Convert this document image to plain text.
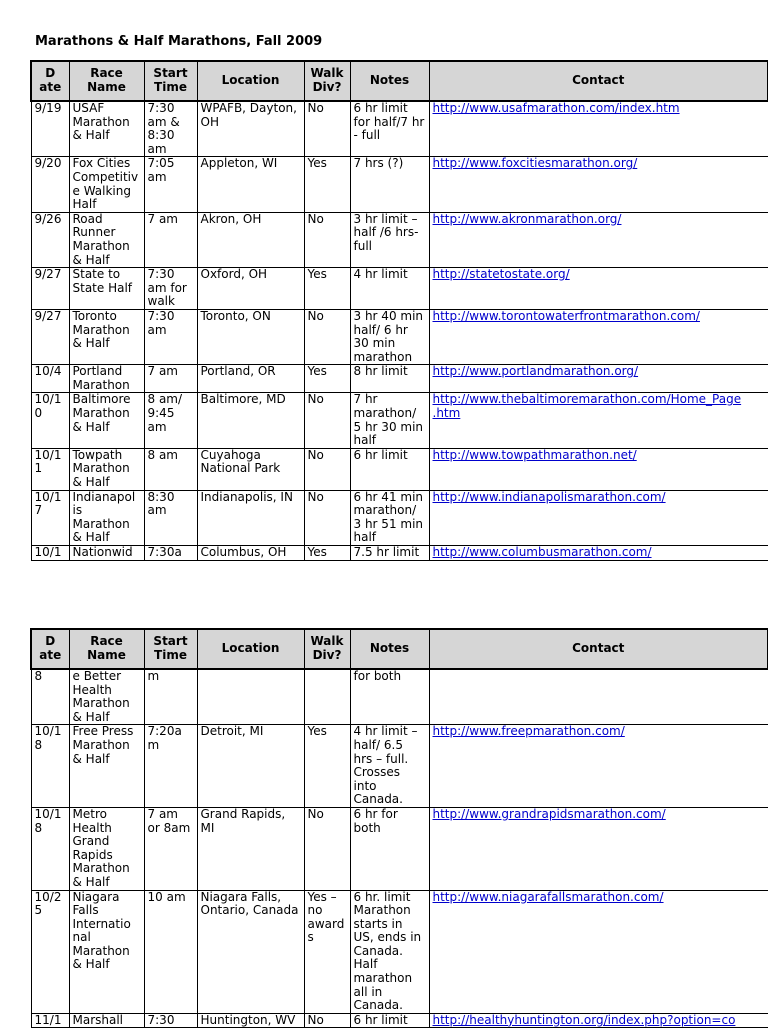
Marathons & Half Marathons, Fall 2009
D ate	Race Name	Start Time	Location	Walk Div?	Notes	Contact
9/19	USAF Marathon & Half	7:30 am & 8:30 am	WPAFB, Dayton, OH	No	6 hr limit for half/7 hr - full	http://www.usafmarathon.com/index.htm
9/20	Fox Cities Competitiv e Walking Half	7:05 am	Appleton, WI	Yes	7 hrs (?)	http://www.foxcitiesmarathon.org/
9/26	Road Runner Marathon & Half	7 am	Akron, OH	No	3 hr limit – half /6 hrs-full	http://www.akronmarathon.org/
9/27	State to State Half	7:30 am for walk	Oxford, OH	Yes	4 hr limit	http://statetostate.org/
9/27	Toronto Marathon & Half	7:30 am	Toronto, ON	No	3 hr 40 min half/ 6 hr 30 min marathon	http://www.torontowaterfrontmarathon.com/
10/4	Portland Marathon	7 am	Portland, OR	Yes	8 hr limit	http://www.portlandmarathon.org/
10/1 0	Baltimore Marathon & Half	8 am/ 9:45 am	Baltimore, MD	No	7 hr marathon/ 5 hr 30 min half	http://www.thebaltimoremarathon.com/Home_Page .htm
10/1 1	Towpath Marathon & Half	8 am	Cuyahoga National Park	No	6 hr limit	http://www.towpathmarathon.net/
10/1 7	Indianapol is Marathon & Half	8:30 am	Indianapolis, IN	No	6 hr 41 min marathon/ 3 hr 51 min half	http://www.indianapolismarathon.com/
10/1	Nationwid	7:30a	Columbus, OH	Yes	7.5 hr limit	http://www.columbusmarathon.com/
D ate	Race Name	Start Time	Location	Walk Div?	Notes	Contact
8	e Better Health Marathon & Half	m			for both	
10/1 8	Free Press Marathon & Half	7:20a m	Detroit, MI	Yes	4 hr limit – half/ 6.5 hrs – full. Crosses into Canada.	http://www.freepmarathon.com/
10/1 8	Metro Health Grand Rapids Marathon & Half	7 am or 8am	Grand Rapids, MI	No	6 hr for both	http://www.grandrapidsmarathon.com/
10/2 5	Niagara Falls Internatio nal Marathon & Half	10 am	Niagara Falls, Ontario, Canada	Yes – no award s	6 hr. limit Marathon starts in US, ends in Canada. Half marathon all in Canada.	http://www.niagarafallsmarathon.com/
11/1	Marshall	7:30	Huntington, WV	No	6 hr limit	http://healthyhuntington.org/index.php?option=co
